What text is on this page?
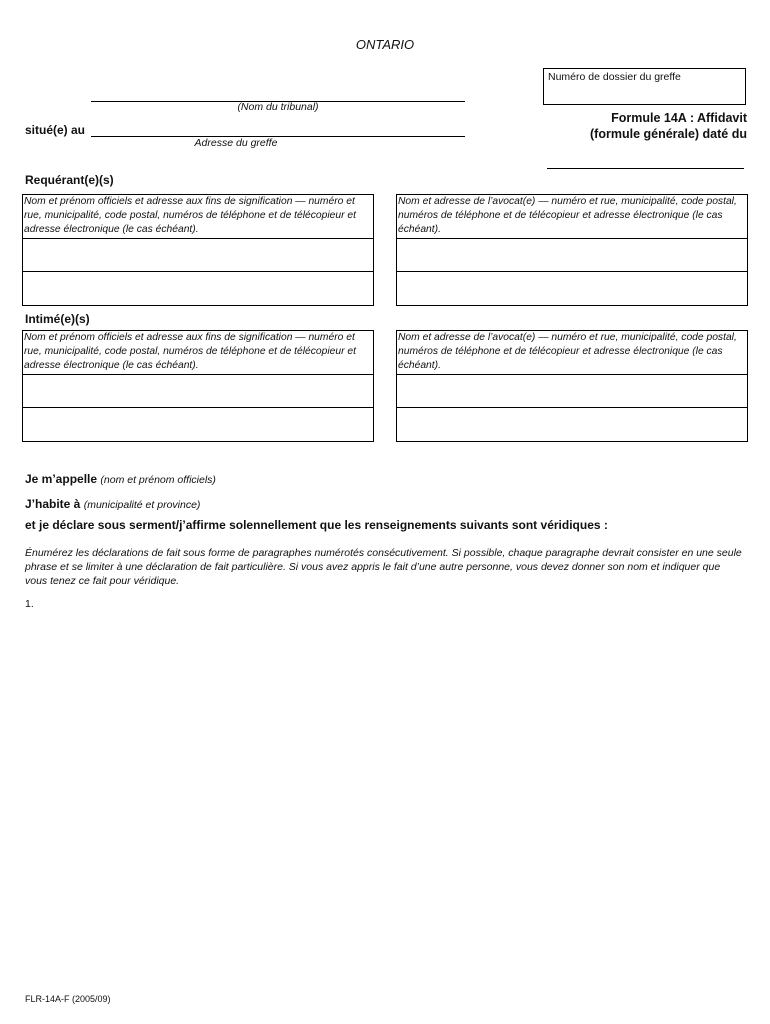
ONTARIO
(Nom du tribunal)
situé(e) au
Adresse du greffe
Numéro de dossier du greffe
Formule 14A : Affidavit
(formule générale) daté du
Requérant(e)(s)
Nom et prénom officiels et adresse aux fins de signification — numéro et rue, municipalité, code postal, numéros de téléphone et de télécopieur et adresse électronique (le cas échéant).
Nom et adresse de l’avocat(e) — numéro et rue, municipalité, code postal, numéros de téléphone et de télécopieur et adresse électronique (le cas échéant).
Intimé(e)(s)
Nom et prénom officiels et adresse aux fins de signification — numéro et rue, municipalité, code postal, numéros de téléphone et de télécopieur et adresse électronique (le cas échéant).
Nom et adresse de l’avocat(e) — numéro et rue, municipalité, code postal, numéros de téléphone et de télécopieur et adresse électronique (le cas échéant).
Je m’appelle (nom et prénom officiels)
J’habite à (municipalité et province)
et je déclare sous serment/j’affirme solennellement que les renseignements suivants sont véridiques :
Énumérez les déclarations de fait sous forme de paragraphes numérotés consécutivement. Si possible, chaque paragraphe devrait consister en une seule phrase et se limiter à une déclaration de fait particulière. Si vous avez appris le fait d’une autre personne, vous devez donner son nom et indiquer que vous tenez ce fait pour véridique.
1.
FLR-14A-F (2005/09)
